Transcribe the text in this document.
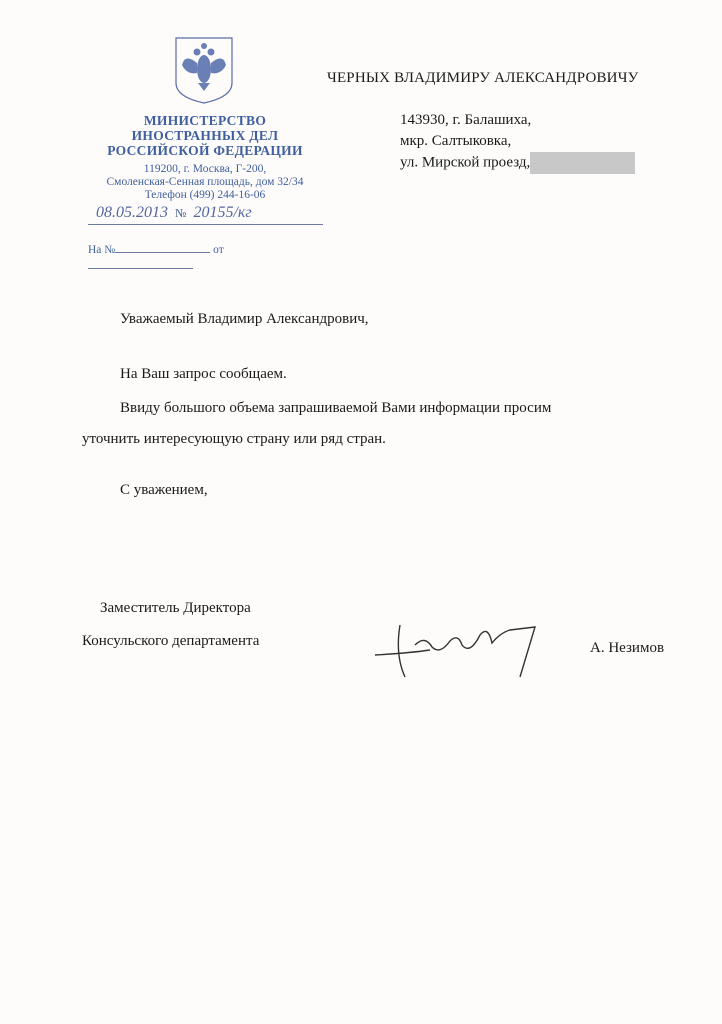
МИНИСТЕРСТВО
ИНОСТРАННЫХ ДЕЛ
РОССИЙСКОЙ ФЕДЕРАЦИИ
119200, г. Москва, Г-200,
Смоленская-Сенная площадь, дом 32/34
Телефон (499) 244-16-06
08.05.2013 № 20155/кг
На №	от
ЧЕРНЫХ ВЛАДИМИРУ АЛЕКСАНДРОВИЧУ
143930, г. Балашиха,
мкр. Салтыковка,
ул. Мирской проезд,
Уважаемый Владимир Александрович,
На Ваш запрос сообщаем.
Ввиду большого объема запрашиваемой Вами информации просим
уточнить интересующую страну или ряд стран.
С уважением,
Заместитель Директора
Консульского департамента	А. Незимов
